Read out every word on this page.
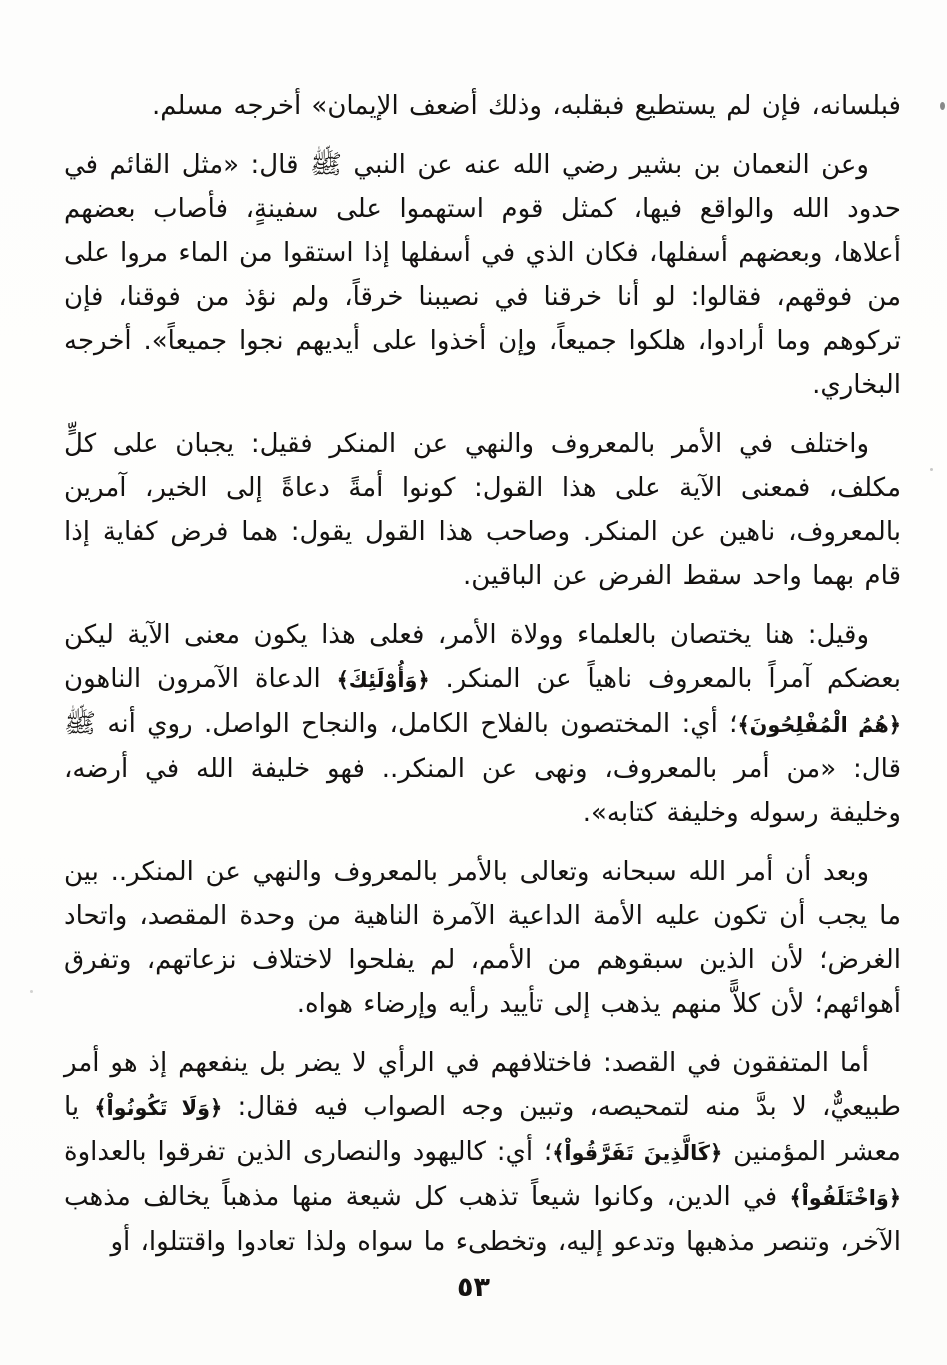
فبلسانه، فإن لم يستطيع فبقلبه، وذلك أضعف الإيمان» أخرجه مسلم.

وعن النعمان بن بشير رضي الله عنه عن النبي ﷺ قال: «مثل القائم في حدود الله والواقع فيها، كمثل قوم استهموا على سفينةٍ، فأصاب بعضهم أعلاها، وبعضهم أسفلها، فكان الذي في أسفلها إذا استقوا من الماء مروا على من فوقهم، فقالوا: لو أنا خرقنا في نصيبنا خرقاً، ولم نؤذ من فوقنا، فإن تركوهم وما أرادوا، هلكوا جميعاً، وإن أخذوا على أيديهم نجوا جميعاً». أخرجه البخاري.

واختلف في الأمر بالمعروف والنهي عن المنكر فقيل: يجبان على كلٍّ مكلف، فمعنى الآية على هذا القول: كونوا أمةً دعاةً إلى الخير، آمرين بالمعروف، ناهين عن المنكر. وصاحب هذا القول يقول: هما فرض كفاية إذا قام بهما واحد سقط الفرض عن الباقين.

وقيل: هنا يختصان بالعلماء وولاة الأمر، فعلى هذا يكون معنى الآية ليكن بعضكم آمراً بالمعروف ناهياً عن المنكر. ﴿وَأُوْلَئِكَ﴾ الدعاة الآمرون الناهون ﴿هُمُ الْمُفْلِحُونَ﴾؛ أي: المختصون بالفلاح الكامل، والنجاح الواصل. روي أنه ﷺ قال: «من أمر بالمعروف، ونهى عن المنكر.. فهو خليفة الله في أرضه، وخليفة رسوله وخليفة كتابه».

وبعد أن أمر الله سبحانه وتعالى بالأمر بالمعروف والنهي عن المنكر.. بين ما يجب أن تكون عليه الأمة الداعية الآمرة الناهية من وحدة المقصد، واتحاد الغرض؛ لأن الذين سبقوهم من الأمم، لم يفلحوا لاختلاف نزعاتهم، وتفرق أهوائهم؛ لأن كلاًّ منهم يذهب إلى تأييد رأيه وإرضاء هواه.

أما المتفقون في القصد: فاختلافهم في الرأي لا يضر بل ينفعهم إذ هو أمر طبيعيٌّ، لا بدَّ منه لتمحيصه، وتبين وجه الصواب فيه فقال: ﴿وَلَا تَكُونُواْ﴾ يا معشر المؤمنين ﴿كَالَّذِينَ تَفَرَّقُواْ﴾؛ أي: كاليهود والنصارى الذين تفرقوا بالعداوة ﴿وَاخْتَلَفُواْ﴾ في الدين، وكانوا شيعاً تذهب كل شيعة منها مذهباً يخالف مذهب الآخر، وتنصر مذهبها وتدعو إليه، وتخطىء ما سواه ولذا تعادوا واقتتلوا، أو

٥٣
